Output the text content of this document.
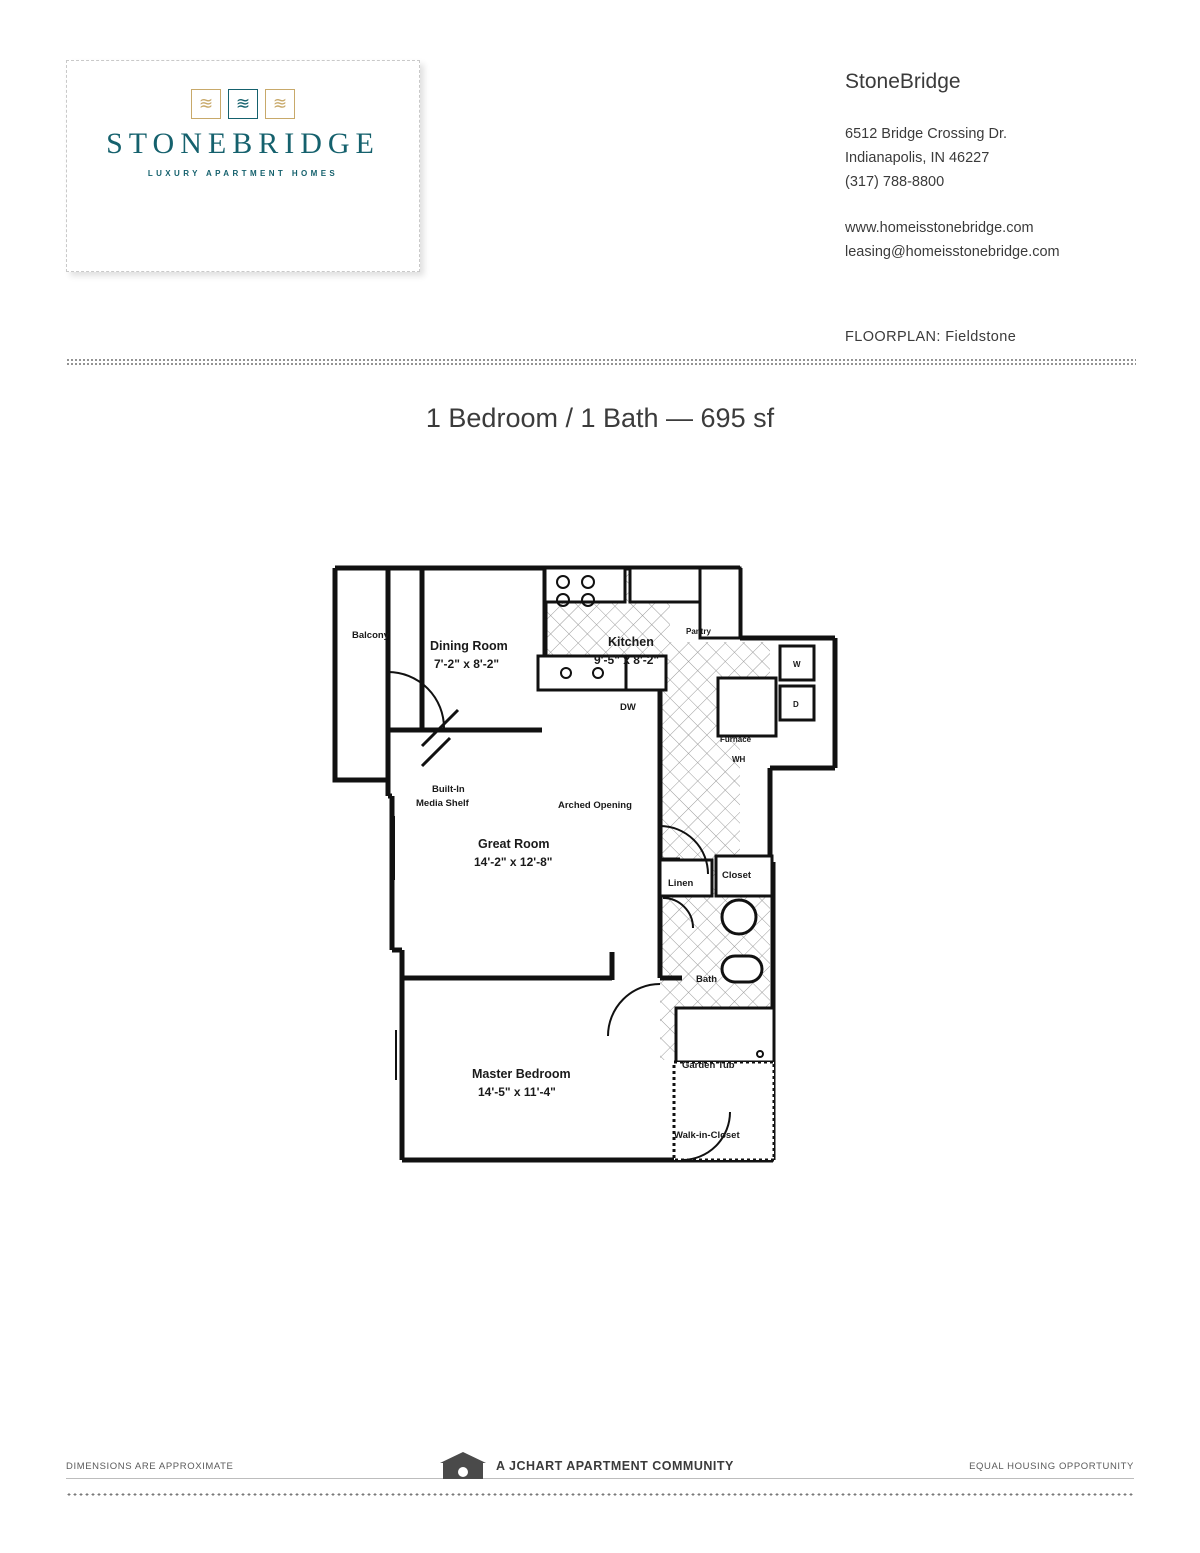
≋	≋	≋
STONEBRIDGE
LUXURY APARTMENT HOMES
StoneBridge
6512 Bridge Crossing Dr.
Indianapolis, IN 46227
(317) 788-8800
www.homeisstonebridge.com
leasing@homeisstonebridge.com
FLOORPLAN: Fieldstone
1 Bedroom / 1 Bath — 695 sf
Balcony
Dining Room
7'-2" x 8'-2"
Kitchen
9'-5" x 8'-2"
Great Room
14'-2" x 12'-8"
Master Bedroom
14'-5" x 11'-4"
Pantry
W
D
DW
Furnace
WH
Built-In
Media Shelf	Arched Opening
Linen
Closet
Bath
Garden Tub
Walk-in-Closet
DIMENSIONS ARE APPROXIMATE	A JCHART APARTMENT COMMUNITY	EQUAL HOUSING OPPORTUNITY
